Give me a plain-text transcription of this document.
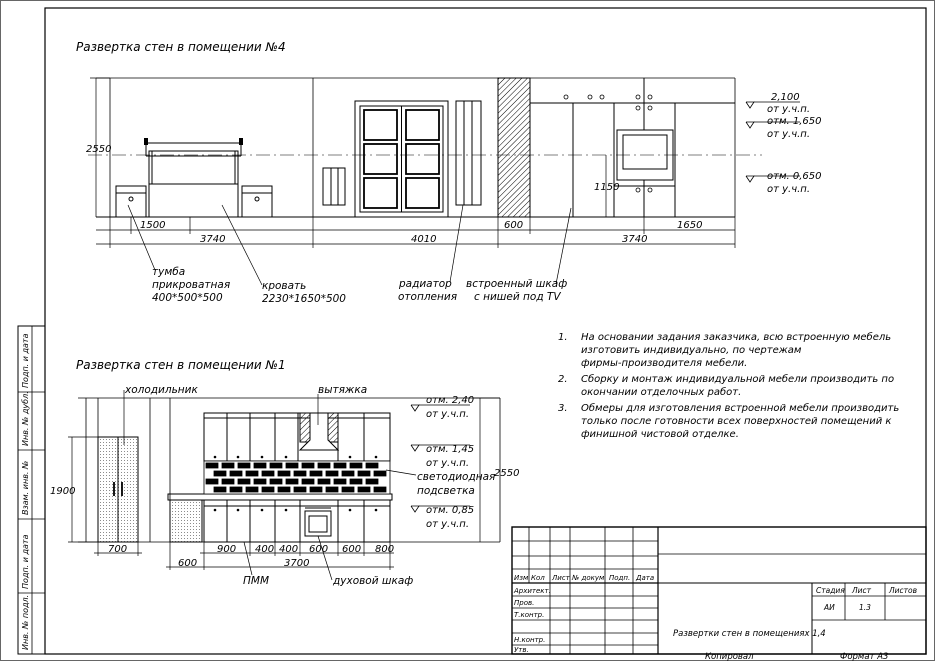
Подп. и дата
Инв. № дубл.
Взам. инв. №
Подп. и дата
Инв. № подл.
Развертка стен в помещении №4
1500
3740	4010
600
3740
1650
2550
1150
2,100
от у.ч.п.
отм. 1,650
от у.ч.п.
отм. 0,650
от у.ч.п.
тумба
прикроватная
400*500*500
кровать
2230*1650*500
радиатор
отопления
встроенный шкаф
с нишей под TV
1. На основании задания заказчика, всю встроенную мебель
изготовить индивидуально, по чертежам
фирмы-производителя мебели.
2. Сборку и монтаж индивидуальной мебели производить по
окончании отделочных работ.
3. Обмеры для изготовления встроенной мебели производить
только после готовности всех поверхностей помещений к
финишной чистовой отделке.
Развертка стен в помещении №1
1900
700	900 400 400 600 600 800
600	3700
2550
отм. 2,40
от у.ч.п.
отм. 1,45
от у.ч.п.
отм. 0,85
от у.ч.п.
холодильник	вытяжка
светодиодная
подсветка
ПММ	духовой шкаф	Изм Кол Лист № докум Подп. Дата
Архитект.
Пров.
Т.контр.
Н.контр.
Утв.
Стадия Лист Листов
АИ	1.3
Развертки стен в помещениях 1,4
Копировал	Формат А3
